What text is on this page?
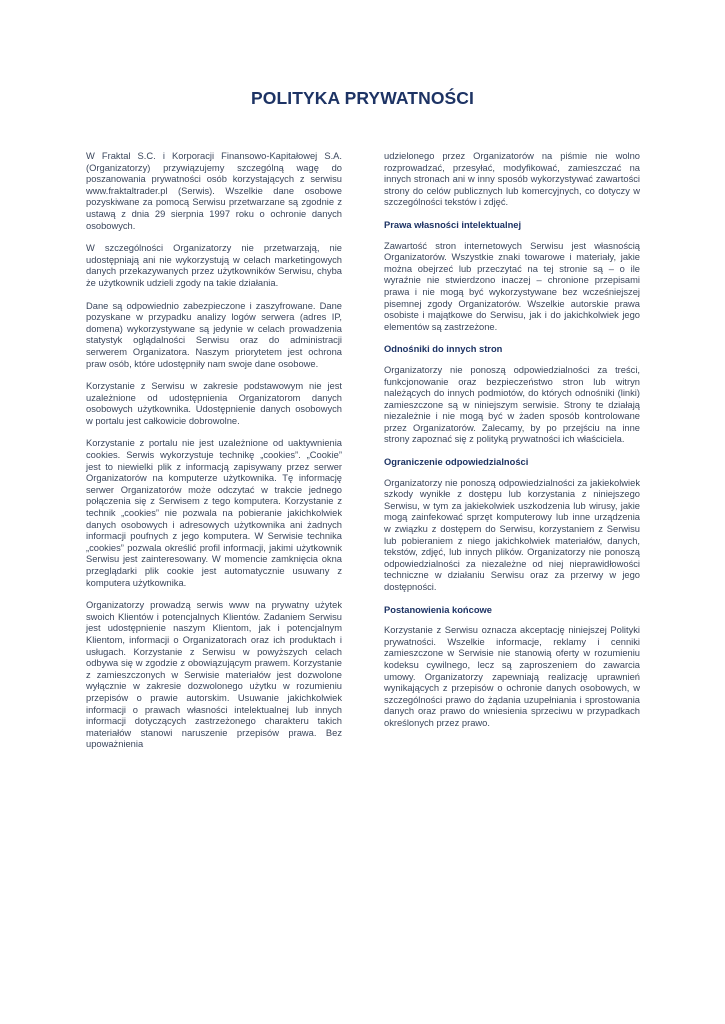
POLITYKA PRYWATNOŚCI

W Fraktal S.C. i Korporacji Finansowo-Kapitałowej S.A. (Organizatorzy) przywiązujemy szczególną wagę do poszanowania prywatności osób korzystających z serwisu www.fraktaltrader.pl (Serwis). Wszelkie dane osobowe pozyskiwane za pomocą Serwisu przetwarzane są zgodnie z ustawą z dnia 29 sierpnia 1997 roku o ochronie danych osobowych.

W szczególności Organizatorzy nie przetwarzają, nie udostępniają ani nie wykorzystują w celach marketingowych danych przekazywanych przez użytkowników Serwisu, chyba że użytkownik udzieli zgody na takie działania.

Dane są odpowiednio zabezpieczone i zaszyfrowane. Dane pozyskane w przypadku analizy logów serwera (adres IP, domena) wykorzystywane są jedynie w celach prowadzenia statystyk oglądalności Serwisu oraz do administracji serwerem Organizatora. Naszym priorytetem jest ochrona praw osób, które udostępniły nam swoje dane osobowe.

Korzystanie z Serwisu w zakresie podstawowym nie jest uzależnione od udostępnienia Organizatorom danych osobowych użytkownika. Udostępnienie danych osobowych w portalu jest całkowicie dobrowolne.

Korzystanie z portalu nie jest uzależnione od uaktywnienia cookies. Serwis wykorzystuje technikę „cookies”. „Cookie” jest to niewielki plik z informacją zapisywany przez serwer Organizatorów na komputerze użytkownika. Tę informację serwer Organizatorów może odczytać w trakcie jednego połączenia się z Serwisem z tego komputera. Korzystanie z technik „cookies” nie pozwala na pobieranie jakichkolwiek danych osobowych i adresowych użytkownika ani żadnych informacji poufnych z jego komputera. W Serwisie technika „cookies” pozwala określić profil informacji, jakimi użytkownik Serwisu jest zainteresowany. W momencie zamknięcia okna przeglądarki plik cookie jest automatycznie usuwany z komputera użytkownika.

Organizatorzy prowadzą serwis www na prywatny użytek swoich Klientów i potencjalnych Klientów. Zadaniem Serwisu jest udostępnienie naszym Klientom, jak i potencjalnym Klientom, informacji o Organizatorach oraz ich produktach i usługach. Korzystanie z Serwisu w powyższych celach odbywa się w zgodzie z obowiązującym prawem. Korzystanie z zamieszczonych w Serwisie materiałów jest dozwolone wyłącznie w zakresie dozwolonego użytku w rozumieniu przepisów o prawie autorskim. Usuwanie jakichkolwiek informacji o prawach własności intelektualnej lub innych informacji dotyczących zastrzeżonego charakteru takich materiałów stanowi naruszenie przepisów prawa. Bez upoważnienia

udzielonego przez Organizatorów na piśmie nie wolno rozprowadzać, przesyłać, modyfikować, zamieszczać na innych stronach ani w inny sposób wykorzystywać zawartości strony do celów publicznych lub komercyjnych, co dotyczy w szczególności tekstów i zdjęć.

Prawa własności intelektualnej

Zawartość stron internetowych Serwisu jest własnością Organizatorów. Wszystkie znaki towarowe i materiały, jakie można obejrzeć lub przeczytać na tej stronie są – o ile wyraźnie nie stwierdzono inaczej – chronione przepisami prawa i nie mogą być wykorzystywane bez wcześniejszej pisemnej zgody Organizatorów. Wszelkie autorskie prawa osobiste i majątkowe do Serwisu, jak i do jakichkolwiek jego elementów są zastrzeżone.

Odnośniki do innych stron

Organizatorzy nie ponoszą odpowiedzialności za treści, funkcjonowanie oraz bezpieczeństwo stron lub witryn należących do innych podmiotów, do których odnośniki (linki) zamieszczone są w niniejszym serwisie. Strony te działają niezależnie i nie mogą być w żaden sposób kontrolowane przez Organizatorów. Zalecamy, by po przejściu na inne strony zapoznać się z polityką prywatności ich właściciela.

Ograniczenie odpowiedzialności

Organizatorzy nie ponoszą odpowiedzialności za jakiekolwiek szkody wynikłe z dostępu lub korzystania z niniejszego Serwisu, w tym za jakiekolwiek uszkodzenia lub wirusy, jakie mogą zainfekować sprzęt komputerowy lub inne urządzenia w związku z dostępem do Serwisu, korzystaniem z Serwisu lub pobieraniem z niego jakichkolwiek materiałów, danych, tekstów, zdjęć, lub innych plików. Organizatorzy nie ponoszą odpowiedzialności za niezależne od niej nieprawidłowości techniczne w działaniu Serwisu oraz za przerwy w jego dostępności.

Postanowienia końcowe

Korzystanie z Serwisu oznacza akceptację niniejszej Polityki prywatności. Wszelkie informacje, reklamy i cenniki zamieszczone w Serwisie nie stanowią oferty w rozumieniu kodeksu cywilnego, lecz są zaproszeniem do zawarcia umowy. Organizatorzy zapewniają realizację uprawnień wynikających z przepisów o ochronie danych osobowych, w szczególności prawo do żądania uzupełniania i sprostowania danych oraz prawo do wniesienia sprzeciwu w przypadkach określonych przez prawo.
